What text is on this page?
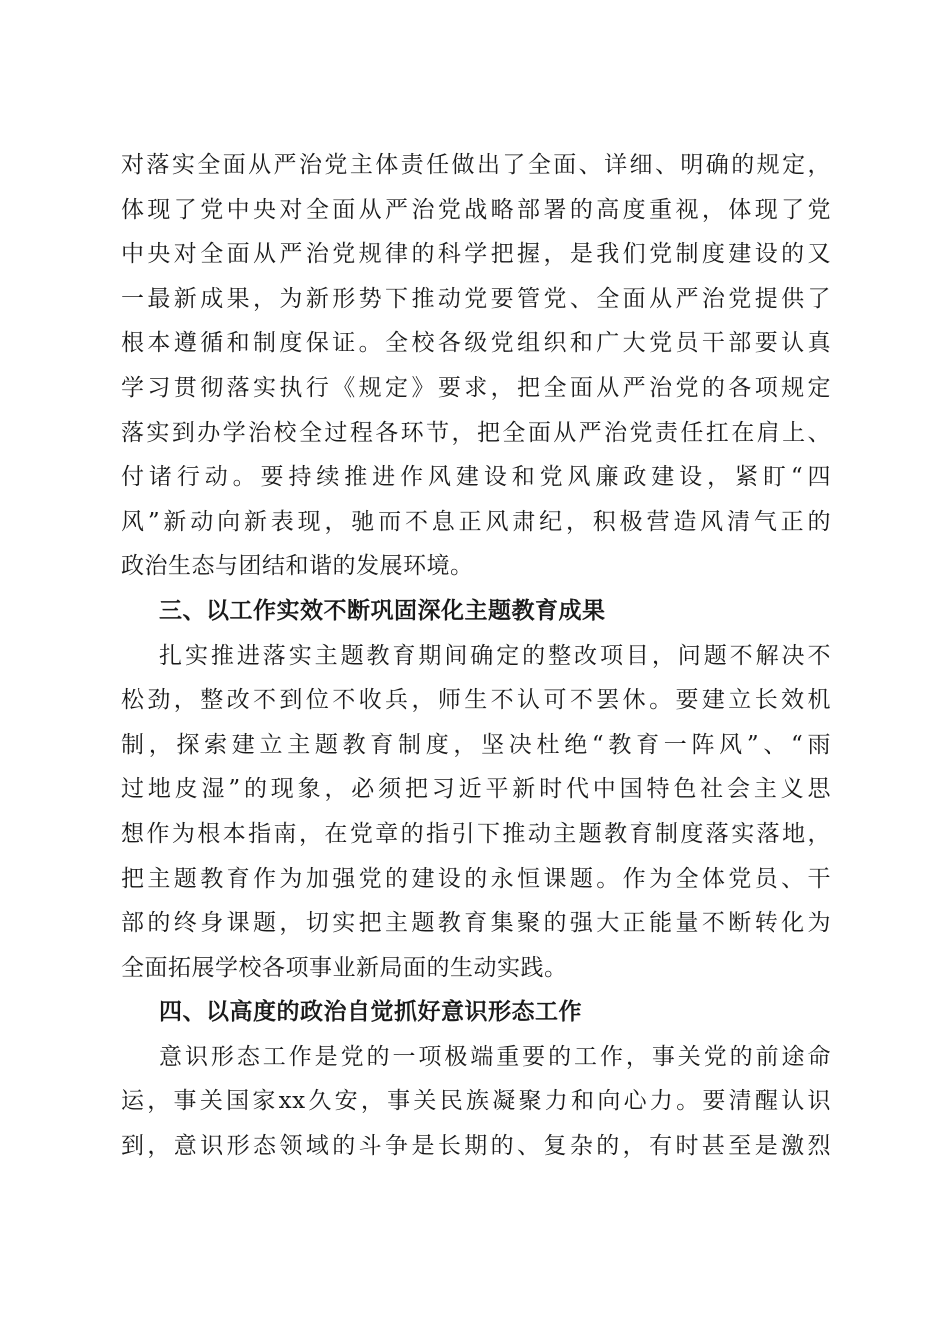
对落实全面从严治党主体责任做出了全面、详细、明确的规定，
体现了党中央对全面从严治党战略部署的高度重视，体现了党
中央对全面从严治党规律的科学把握，是我们党制度建设的又
一最新成果，为新形势下推动党要管党、全面从严治党提供了
根本遵循和制度保证。全校各级党组织和广大党员干部要认真
学习贯彻落实执行《规定》要求，把全面从严治党的各项规定
落实到办学治校全过程各环节，把全面从严治党责任扛在肩上、
付诸行动。要持续推进作风建设和党风廉政建设，紧盯“四
风”新动向新表现，驰而不息正风肃纪，积极营造风清气正的
政治生态与团结和谐的发展环境。
三、以工作实效不断巩固深化主题教育成果
扎实推进落实主题教育期间确定的整改项目，问题不解决不
松劲，整改不到位不收兵，师生不认可不罢休。要建立长效机
制，探索建立主题教育制度，坚决杜绝“教育一阵风”、“雨
过地皮湿”的现象，必须把习近平新时代中国特色社会主义思
想作为根本指南，在党章的指引下推动主题教育制度落实落地，
把主题教育作为加强党的建设的永恒课题。作为全体党员、干
部的终身课题，切实把主题教育集聚的强大正能量不断转化为
全面拓展学校各项事业新局面的生动实践。
四、以高度的政治自觉抓好意识形态工作
意识形态工作是党的一项极端重要的工作，事关党的前途命
运，事关国家xx久安，事关民族凝聚力和向心力。要清醒认识
到，意识形态领域的斗争是长期的、复杂的，有时甚至是激烈
